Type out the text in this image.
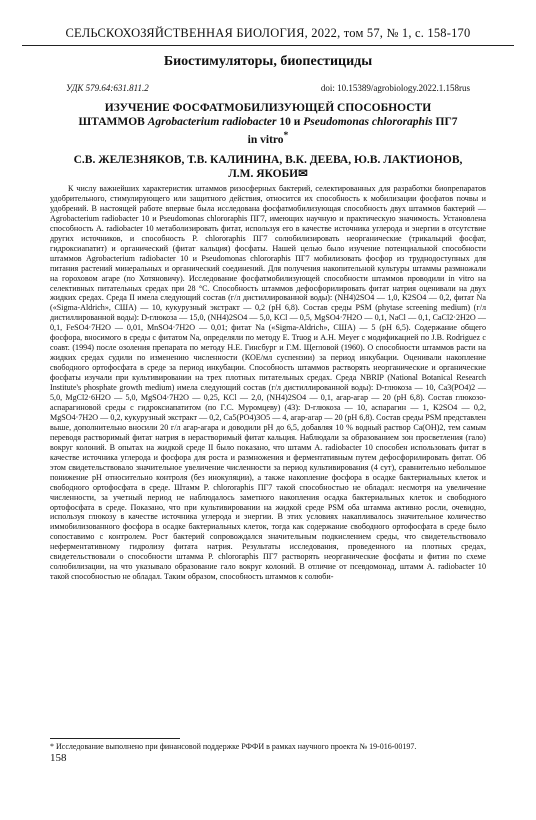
СЕЛЬСКОХОЗЯЙСТВЕННАЯ БИОЛОГИЯ, 2022, том 57, № 1, с. 158-170
Биостимуляторы, биопестициды
УДК 579.64:631.811.2	doi: 10.15389/agrobiology.2022.1.158rus
ИЗУЧЕНИЕ ФОСФАТМОБИЛИЗУЮЩЕЙ СПОСОБНОСТИ
ШТАММОВ Agrobacterium radiobacter 10 и Pseudomonas chlororaphis ПГ7
in vitro*
С.В. ЖЕЛЕЗНЯКОВ, Т.В. КАЛИНИНА, В.К. ДЕЕВА, Ю.В. ЛАКТИОНОВ,
Л.М. ЯКОБИ✉

К числу важнейших характеристик штаммов ризосферных бактерий, селектированных для разработки биопрепаратов удобрительного, стимулирующего или защитного действия, относится их способность к мобилизации фосфатов почвы и удобрений. В настоящей работе впервые была исследована фосфатмобилизующая способность двух штаммов бактерий — Agrobacterium radiobacter 10 и Pseudomonas chlororaphis ПГ7, имеющих научную и практическую значимость. Установлена способность A. radiobacter 10 метаболизировать фитат, используя его в качестве источника углерода и энергии в отсутствие других источников, и способность P. chlororaphis ПГ7 солюбилизировать неорганические (трикальций фосфат, гидроксиапатит) и органический (фитат кальция) фосфаты. Нашей целью было изучение потенциальной способности штаммов Agrobacterium radiobacter 10 и Pseudomonas chlororaphis ПГ7 мобилизовать фосфор из труднодоступных для питания растений минеральных и органический соединений. Для получения накопительной культуры штаммы размножали на гороховом агаре (по Хотяновичу). Исследование фосфатмобилизующей способности штаммов проводили in vitro на селективных питательных средах при 28 °С. Способность штаммов дефосфорилировать фитат натрия оценивали на двух жидких средах. Среда II имела следующий состав (г/л дистиллированной воды): (NH4)2SO4 — 1,0, K2SO4 — 0,2, фитат Na («Sigma-Aldrich», США) — 10, кукурузный экстракт — 0,2 (pH 6,8). Состав среды PSM (phytase screening medium) (г/л дистиллированной воды): D-глюкоза — 15,0, (NH4)2SO4 — 5,0, KCl — 0,5, MgSO4·7H2O — 0,1, NaCl — 0,1, CaCl2·2H2O — 0,1, FeSO4·7H2O — 0,01, MnSO4·7H2O — 0,01; фитат Na («Sigma-Aldrich», США) — 5 (pH 6,5). Содержание общего фосфора, вносимого в среды с фитатом Na, определяли по методу E. Truog и A.H. Meyer с модификацией по J.B. Rodriguez с соавт. (1994) после озоления препарата по методу Н.Е. Гинсбург и Г.М. Щегловой (1960). О способности штаммов расти на жидких средах судили по изменению численности (КОЕ/мл суспензии) за период инкубации. Оценивали накопление свободного ортофосфата в среде за период инкубации. Способность штаммов растворять неорганические и органические фосфаты изучали при культивировании на трех плотных питательных средах. Среда NBRIP (National Botanical Research Institute's phosphate growth medium) имела следующий состав (г/л дистиллированной воды): D-глюкоза — 10, Ca3(PO4)2 — 5,0, MgCl2·6H2O — 5,0, MgSO4·7H2O — 0,25, KCl — 2,0, (NH4)2SO4 — 0,1, агар-агар — 20 (pH 6,8). Состав глюкозо-аспарагиновой среды с гидроксиапатитом (по Г.С. Муромцеву) (43): D-глюкоза — 10, аспарагин — 1, K2SO4 — 0,2, MgSO4·7H2O — 0,2, кукурузный экстракт — 0,2, Ca5(PO4)3O5 — 4, агар-агар — 20 (pH 6,8). Состав среды PSM представлен выше, дополнительно вносили 20 г/л агар-агара и доводили pH до 6,5, добавляя 10 % водный раствор Ca(OH)2, тем самым переводя растворимый фитат натрия в нерастворимый фитат кальция. Наблюдали за образованием зон просветления (гало) вокруг колоний. В опытах на жидкой среде II было показано, что штамм A. radiobacter 10 способен использовать фитат в качестве источника углерода и фосфора для роста и размножения и ферментативным путем дефосфорилировать фитат. Об этом свидетельствовало значительное увеличение численности за период культивирования (4 сут), сравнительно небольшое понижение pH относительно контроля (без инокуляции), а также накопление фосфора в осадке бактериальных клеток и свободного ортофосфата в среде. Штамм P. chlororaphis ПГ7 такой способностью не обладал: несмотря на увеличение численности, за учетный период не наблюдалось заметного накопления осадка бактериальных клеток и свободного ортофосфата в среде. Показано, что при культивировании на жидкой среде PSM оба штамма активно росли, очевидно, используя глюкозу в качестве источника углерода и энергии. В этих условиях накапливалось значительное количество иммобилизованного фосфора в осадке бактериальных клеток, тогда как содержание свободного ортофосфата в среде было сопоставимо с контролем. Рост бактерий сопровождался значительным подкислением среды, что свидетельствовало неферментативному гидролизу фитата натрия. Результаты исследования, проведенного на плотных средах, свидетельствовали о способности штамма P. chlororaphis ПГ7 растворять неорганические фосфаты и фитин по схеме солюбилизации, на что указывало образование гало вокруг колоний. В отличие от псевдомонад, штамм A. radiobacter 10 такой способностью не обладал. Таким образом, способность штаммов к солюби-

* Исследование выполнено при финансовой поддержке РФФИ в рамках научного проекта № 19-016-00197.
158
